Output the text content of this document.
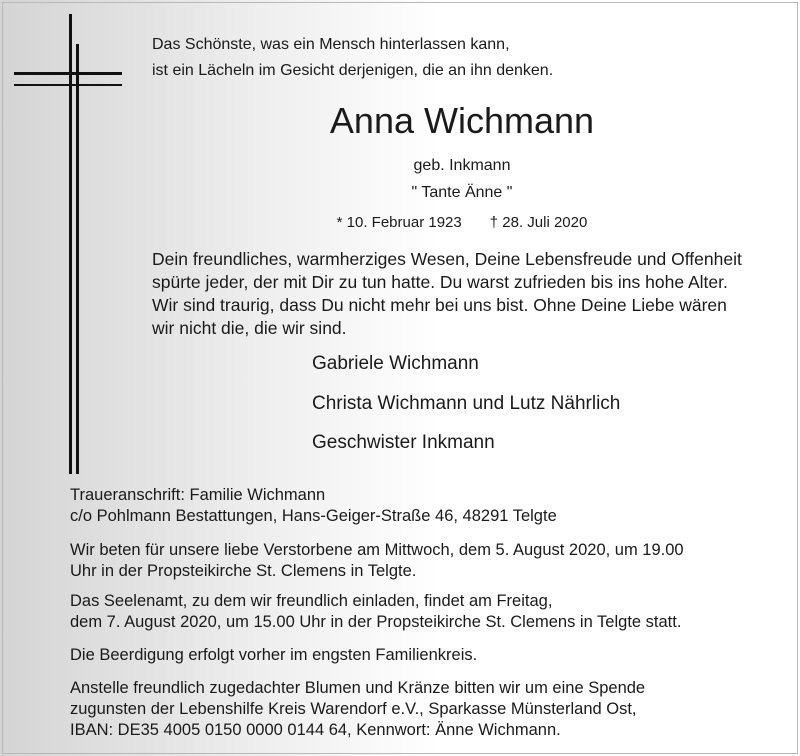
Das Schönste, was ein Mensch hinterlassen kann,
ist ein Lächeln im Gesicht derjenigen, die an ihn denken.
Anna Wichmann
geb. Inkmann
" Tante Änne "
* 10. Februar 1923 † 28. Juli 2020
Dein freundliches, warmherziges Wesen, Deine Lebensfreude und Offenheit
spürte jeder, der mit Dir zu tun hatte. Du warst zufrieden bis ins hohe Alter.
Wir sind traurig, dass Du nicht mehr bei uns bist. Ohne Deine Liebe wären
wir nicht die, die wir sind.
Gabriele Wichmann
Christa Wichmann und Lutz Nährlich
Geschwister Inkmann
Traueranschrift: Familie Wichmann
c/o Pohlmann Bestattungen, Hans-Geiger-Straße 46, 48291 Telgte
Wir beten für unsere liebe Verstorbene am Mittwoch, dem 5. August 2020, um 19.00
Uhr in der Propsteikirche St. Clemens in Telgte.
Das Seelenamt, zu dem wir freundlich einladen, findet am Freitag,
dem 7. August 2020, um 15.00 Uhr in der Propsteikirche St. Clemens in Telgte statt.
Die Beerdigung erfolgt vorher im engsten Familienkreis.
Anstelle freundlich zugedachter Blumen und Kränze bitten wir um eine Spende
zugunsten der Lebenshilfe Kreis Warendorf e.V., Sparkasse Münsterland Ost,
IBAN: DE35 4005 0150 0000 0144 64, Kennwort: Änne Wichmann.
